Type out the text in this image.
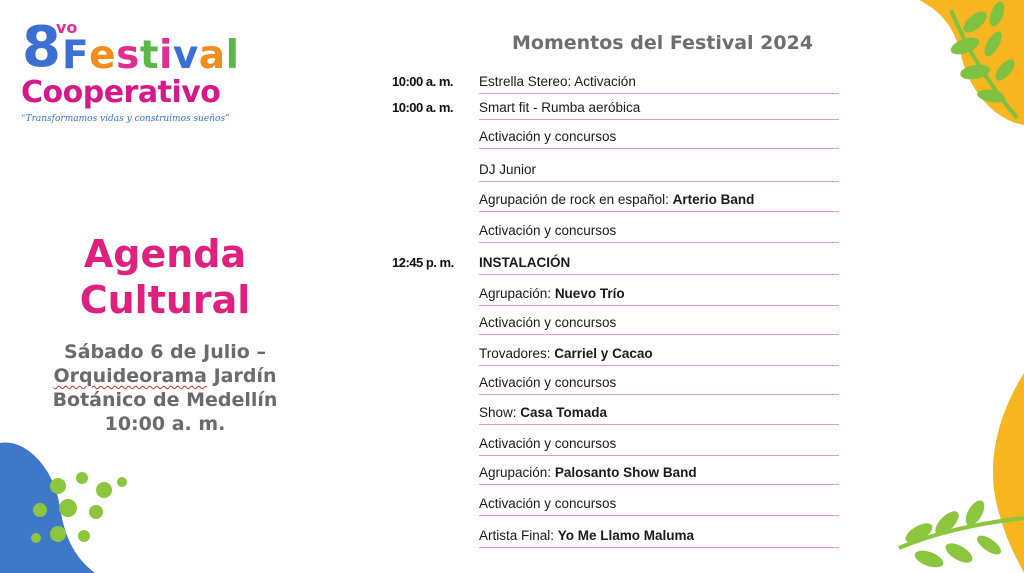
8
vo
Festival
Cooperativo
“Transformamos vidas y construimos sueños”
Agenda
Cultural
Sábado 6 de Julio –
Orquideorama Jardín
Botánico de Medellín
10:00 a. m.
Momentos del Festival 2024
10:00 a. m.	Estrella Stereo: Activación
10:00 a. m.	Smart fit - Rumba aeróbica
Activación y concursos
DJ Junior
Agrupación de rock en español: Arterio Band
Activación y concursos
12:45 p. m.	INSTALACIÓN
Agrupación: Nuevo Trío
Activación y concursos
Trovadores: Carriel y Cacao
Activación y concursos
Show: Casa Tomada
Activación y concursos
Agrupación: Palosanto Show Band
Activación y concursos
Artista Final: Yo Me Llamo Maluma
